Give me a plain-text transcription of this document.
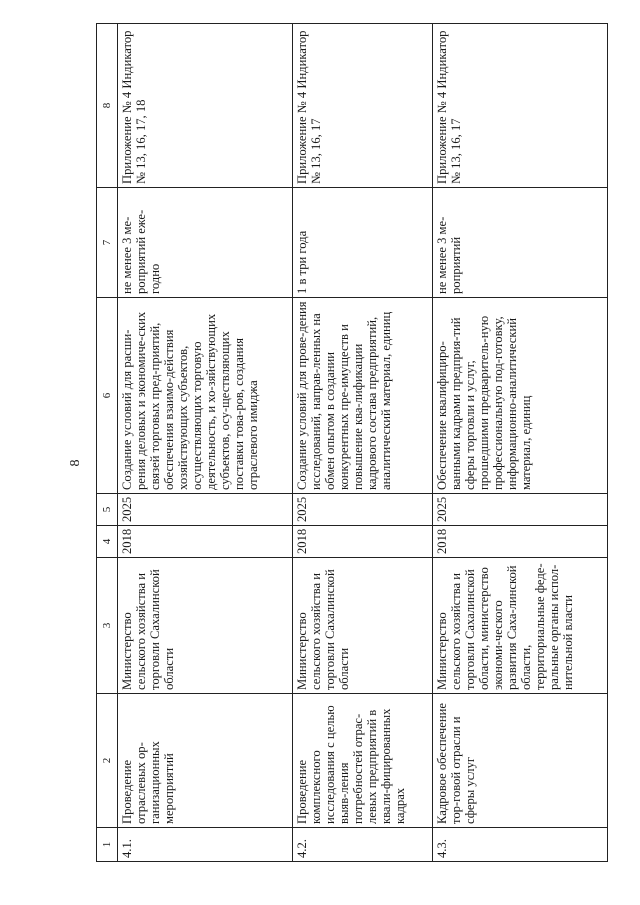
8
1	2	3	4	5	6	7	8
4.1.	Проведение отраслевых ор-ганизационных мероприятий	Министерство сельского хозяйства и торговли Сахалинской области	2018	2025	Создание условий для расши-рения деловых и экономиче-ских связей торговых пред-приятий, обеспечения взаимо-действия хозяйствующих субъектов, осуществляющих торговую деятельность, и хо-зяйствующих субъектов, осу-ществляющих поставки това-ров, создания отраслевого имиджа	не менее 3 ме-роприятий еже-годно	Приложение № 4 Индикатор № 13, 16, 17, 18
4.2.	Проведение комплексного исследования с целью выяв-ления потребностей отрас-левых предприятий в квали-фицированных кадрах	Министерство сельского хозяйства и торговли Сахалинской области	2018	2025	Создание условий для прове-дения исследований, направ-ленных на обмен опытом в создании конкурентных пре-имуществ и повышение ква-лификации кадрового состава предприятий, аналитический материал, единиц	1 в три года	Приложение № 4 Индикатор № 13, 16, 17
4.3.	Кадровое обеспечение тор-говой отрасли и сферы услуг	Министерство сельского хозяйства и торговли Сахалинской области, министерство экономи-ческого развития Саха-линской области, территориальные феде-ральные органы испол-нительной власти	2018	2025	Обеспечение квалифициро-ванными кадрами предприя-тий сферы торговли и услуг, прошедшими предваритель-ную профессиональную под-готовку, информационно-аналитический материал, единиц	не менее 3 ме-роприятий	Приложение № 4 Индикатор № 13, 16, 17
